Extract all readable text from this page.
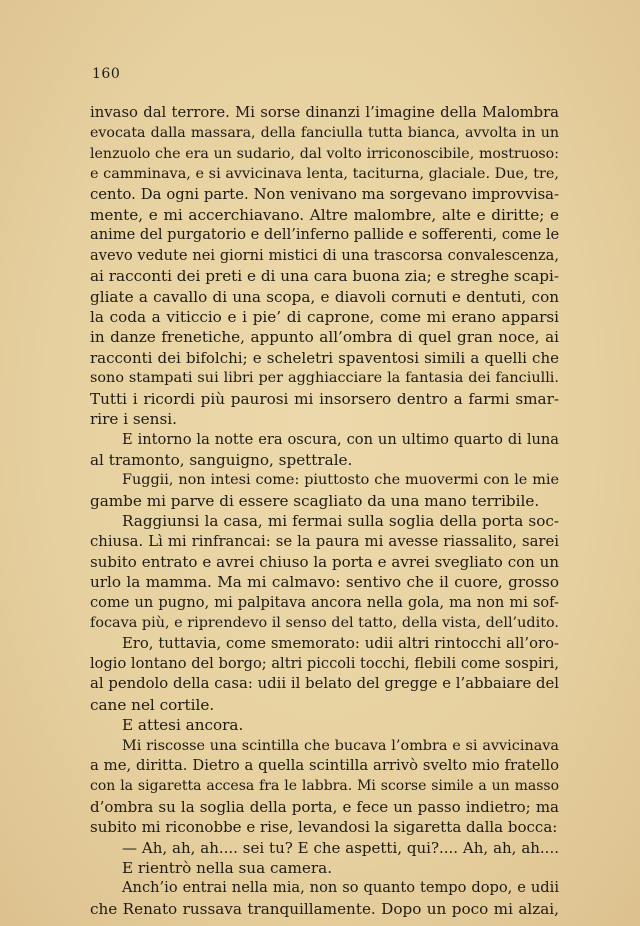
160
invaso dal terrore. Mi sorse dinanzi l’imagine della Malombra
evocata dalla massara, della fanciulla tutta bianca, avvolta in un
lenzuolo che era un sudario, dal volto irriconoscibile, mostruoso:
e camminava, e si avvicinava lenta, taciturna, glaciale. Due, tre,
cento. Da ogni parte. Non venivano ma sorgevano improvvisa-
mente, e mi accerchiavano. Altre malombre, alte e diritte; e
anime del purgatorio e dell’inferno pallide e sofferenti, come le
avevo vedute nei giorni mistici di una trascorsa convalescenza,
ai racconti dei preti e di una cara buona zia; e streghe scapi-
gliate a cavallo di una scopa, e diavoli cornuti e dentuti, con
la coda a viticcio e i pie’ di caprone, come mi erano apparsi
in danze frenetiche, appunto all’ombra di quel gran noce, ai
racconti dei bifolchi; e scheletri spaventosi simili a quelli che
sono stampati sui libri per agghiacciare la fantasia dei fanciulli.
Tutti i ricordi più paurosi mi insorsero dentro a farmi smar-
rire i sensi.
E intorno la notte era oscura, con un ultimo quarto di luna
al tramonto, sanguigno, spettrale.
Fuggii, non intesi come: piuttosto che muovermi con le mie
gambe mi parve di essere scagliato da una mano terribile.
Raggiunsi la casa, mi fermai sulla soglia della porta soc-
chiusa. Lì mi rinfrancai: se la paura mi avesse riassalito, sarei
subito entrato e avrei chiuso la porta e avrei svegliato con un
urlo la mamma. Ma mi calmavo: sentivo che il cuore, grosso
come un pugno, mi palpitava ancora nella gola, ma non mi sof-
focava più, e riprendevo il senso del tatto, della vista, dell’udito.
Ero, tuttavia, come smemorato: udii altri rintocchi all’oro-
logio lontano del borgo; altri piccoli tocchi, flebili come sospiri,
al pendolo della casa: udii il belato del gregge e l’abbaiare del
cane nel cortile.
E attesi ancora.
Mi riscosse una scintilla che bucava l’ombra e si avvicinava
a me, diritta. Dietro a quella scintilla arrivò svelto mio fratello
con la sigaretta accesa fra le labbra. Mi scorse simile a un masso
d’ombra su la soglia della porta, e fece un passo indietro; ma
subito mi riconobbe e rise, levandosi la sigaretta dalla bocca:
— Ah, ah, ah.... sei tu? E che aspetti, qui?.... Ah, ah, ah....
E rientrò nella sua camera.
Anch’io entrai nella mia, non so quanto tempo dopo, e udii
che Renato russava tranquillamente. Dopo un poco mi alzai,
